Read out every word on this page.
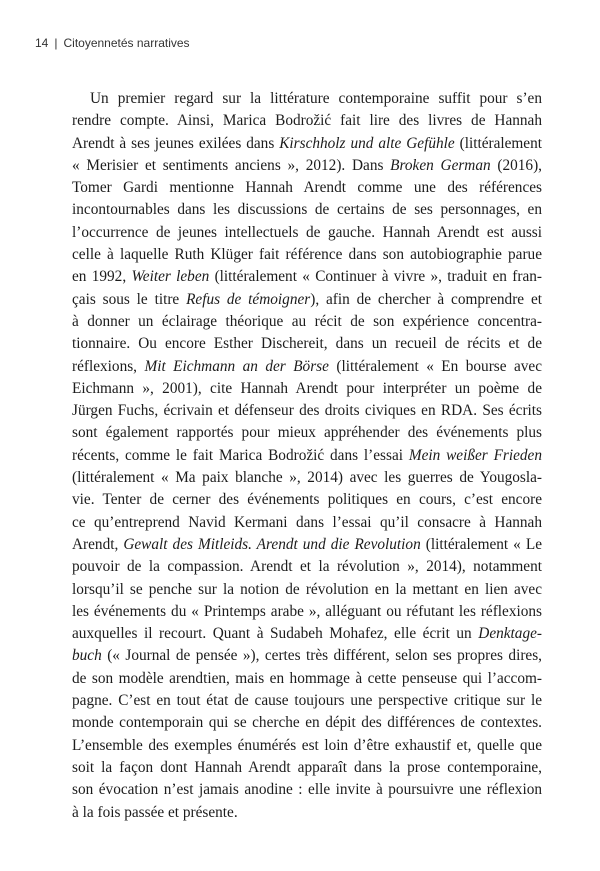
14 | Citoyennetés narratives
Un premier regard sur la littérature contemporaine suffit pour s’en
rendre compte. Ainsi, Marica Bodrožić fait lire des livres de Hannah
Arendt à ses jeunes exilées dans Kirschholz und alte Gefühle (littéralement
« Merisier et sentiments anciens », 2012). Dans Broken German (2016),
Tomer Gardi mentionne Hannah Arendt comme une des références
incontournables dans les discussions de certains de ses personnages, en
l’occurrence de jeunes intellectuels de gauche. Hannah Arendt est aussi
celle à laquelle Ruth Klüger fait référence dans son autobiographie parue
en 1992, Weiter leben (littéralement « Continuer à vivre », traduit en fran-
çais sous le titre Refus de témoigner), afin de chercher à comprendre et
à donner un éclairage théorique au récit de son expérience concentra-
tionnaire. Ou encore Esther Dischereit, dans un recueil de récits et de
réflexions, Mit Eichmann an der Börse (littéralement « En bourse avec
Eichmann », 2001), cite Hannah Arendt pour interpréter un poème de
Jürgen Fuchs, écrivain et défenseur des droits civiques en RDA. Ses écrits
sont également rapportés pour mieux appréhender des événements plus
récents, comme le fait Marica Bodrožić dans l’essai Mein weißer Frieden
(littéralement « Ma paix blanche », 2014) avec les guerres de Yougosla-
vie. Tenter de cerner des événements politiques en cours, c’est encore
ce qu’entreprend Navid Kermani dans l’essai qu’il consacre à Hannah
Arendt, Gewalt des Mitleids. Arendt und die Revolution (littéralement « Le
pouvoir de la compassion. Arendt et la révolution », 2014), notamment
lorsqu’il se penche sur la notion de révolution en la mettant en lien avec
les événements du « Printemps arabe », alléguant ou réfutant les réflexions
auxquelles il recourt. Quant à Sudabeh Mohafez, elle écrit un Denktage-
buch (« Journal de pensée »), certes très différent, selon ses propres dires,
de son modèle arendtien, mais en hommage à cette penseuse qui l’accom-
pagne. C’est en tout état de cause toujours une perspective critique sur le
monde contemporain qui se cherche en dépit des différences de contextes.
L’ensemble des exemples énumérés est loin d’être exhaustif et, quelle que
soit la façon dont Hannah Arendt apparaît dans la prose contemporaine,
son évocation n’est jamais anodine : elle invite à poursuivre une réflexion
à la fois passée et présente.
